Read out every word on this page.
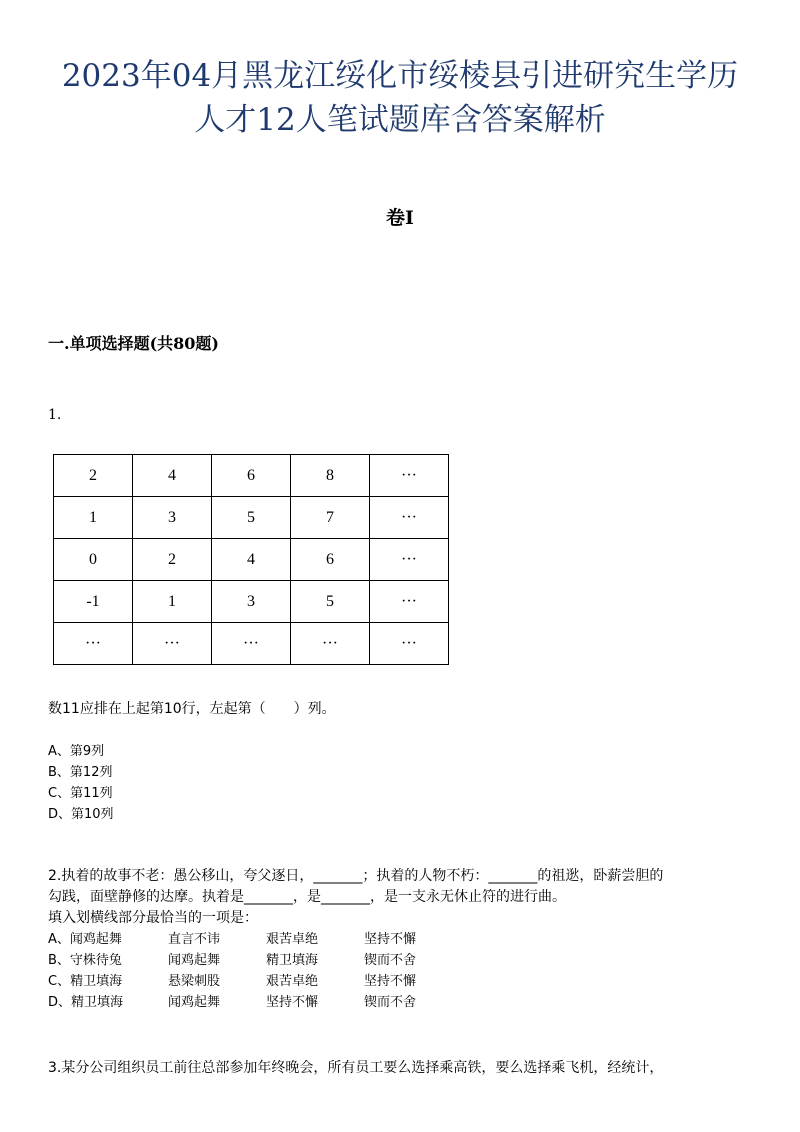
2023年04月黑龙江绥化市绥棱县引进研究生学历
人才12人笔试题库含答案解析
卷I
一.单项选择题(共80题)
1.
2	4	6	8	···
1	3	5	7	···
0	2	4	6	···
-1	1	3	5	···
···	···	···	···	···
数11应排在上起第10行，左起第（　　）列。
A、第9列
B、第12列
C、第11列
D、第10列
2.执着的故事不老：愚公移山，夸父逐日，_______；执着的人物不朽：_______的祖逖，卧薪尝胆的
勾践，面壁静修的达摩。执着是_______，是_______，是一支永无休止符的进行曲。
填入划横线部分最恰当的一项是：
A、闻鸡起舞	直言不讳	艰苦卓绝	坚持不懈
B、守株待兔	闻鸡起舞	精卫填海	锲而不舍
C、精卫填海	悬梁刺股	艰苦卓绝	坚持不懈
D、精卫填海	闻鸡起舞	坚持不懈	锲而不舍
3.某分公司组织员工前往总部参加年终晚会，所有员工要么选择乘高铁，要么选择乘飞机，经统计，
